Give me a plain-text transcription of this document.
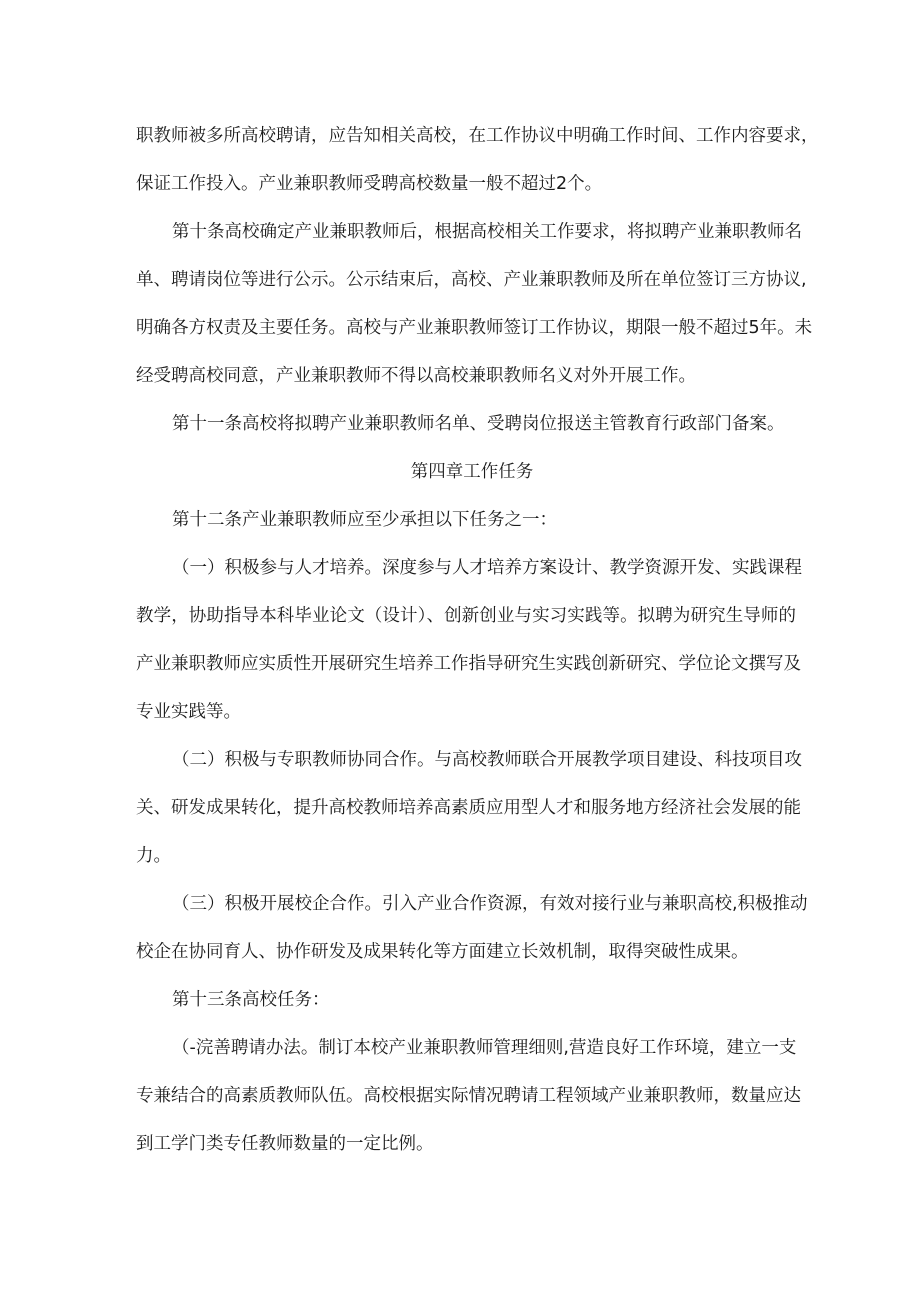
职教师被多所高校聘请，应告知相关高校，在工作协议中明确工作时间、工作内容要求，

保证工作投入。产业兼职教师受聘高校数量一般不超过2个。

第十条高校确定产业兼职教师后，根据高校相关工作要求，将拟聘产业兼职教师名

单、聘请岗位等进行公示。公示结束后，高校、产业兼职教师及所在单位签订三方协议,

明确各方权责及主要任务。高校与产业兼职教师签订工作协议，期限一般不超过5年。未

经受聘高校同意，产业兼职教师不得以高校兼职教师名义对外开展工作。

第十一条高校将拟聘产业兼职教师名单、受聘岗位报送主管教育行政部门备案。

第四章工作任务

第十二条产业兼职教师应至少承担以下任务之一：

（一）积极参与人才培养。深度参与人才培养方案设计、教学资源开发、实践课程

教学，协助指导本科毕业论文（设计）、创新创业与实习实践等。拟聘为研究生导师的

产业兼职教师应实质性开展研究生培养工作指导研究生实践创新研究、学位论文撰写及

专业实践等。

（二）积极与专职教师协同合作。与高校教师联合开展教学项目建设、科技项目攻

关、研发成果转化，提升高校教师培养高素质应用型人才和服务地方经济社会发展的能

力。

（三）积极开展校企合作。引入产业合作资源，有效对接行业与兼职高校,积极推动

校企在协同育人、协作研发及成果转化等方面建立长效机制，取得突破性成果。

第十三条高校任务：

（-浣善聘请办法。制订本校产业兼职教师管理细则,营造良好工作环境，建立一支

专兼结合的高素质教师队伍。高校根据实际情况聘请工程领域产业兼职教师，数量应达

到工学门类专任教师数量的一定比例。
